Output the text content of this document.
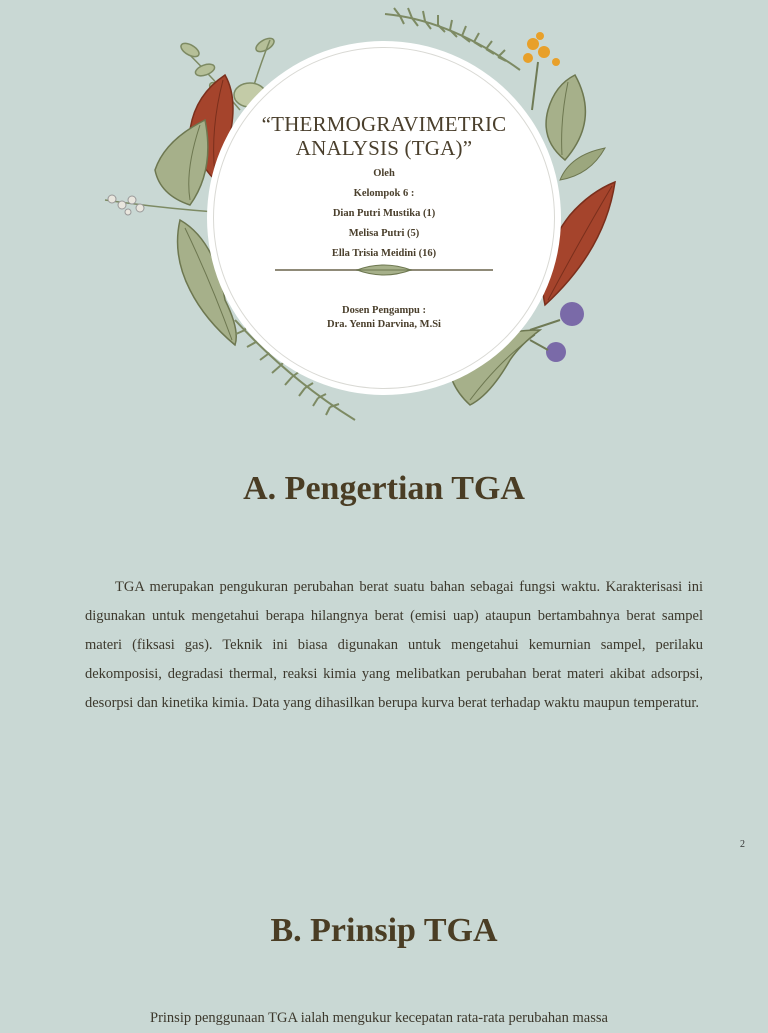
“THERMOGRAVIMETRIC

ANALYSIS (TGA)”

Oleh

Kelompok 6 :

Dian Putri Mustika (1)

Melisa Putri (5)

Ella Trisia Meidini (16)

Dosen Pengampu :

Dra. Yenni Darvina, M.Si

A. Pengertian TGA

TGA merupakan pengukuran perubahan berat suatu bahan sebagai fungsi waktu. Karakterisasi ini digunakan untuk mengetahui berapa hilangnya berat (emisi uap) ataupun bertambahnya berat sampel materi (fiksasi gas). Teknik ini biasa digunakan untuk mengetahui kemurnian sampel, perilaku dekomposisi, degradasi thermal, reaksi kimia yang melibatkan perubahan berat materi akibat adsorpsi, desorpsi dan kinetika kimia. Data yang dihasilkan berupa kurva berat terhadap waktu maupun temperatur.

2
B. Prinsip TGA

Prinsip penggunaan TGA ialah mengukur kecepatan rata-rata perubahan massa
